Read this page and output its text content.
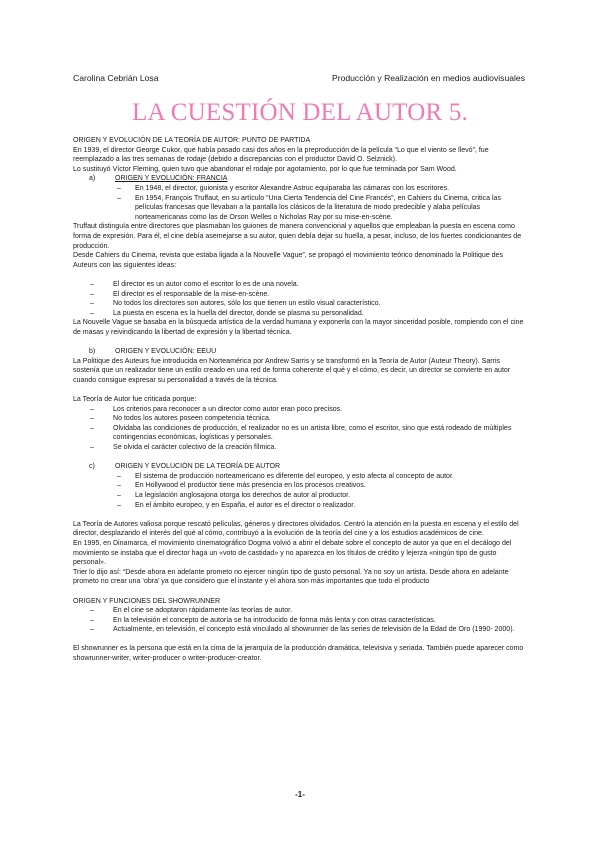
Carolina Cebrián Losa	Producción y Realización en medios audiovisuales
LA CUESTIÓN DEL AUTOR 5.

ORIGEN Y EVOLUCIÓN DE LA TEORÍA DE AUTOR: PUNTO DE PARTIDA

En 1939, el director George Cukor, que había pasado casi dos años en la preproducción de la película “Lo que el viento se llevó”, fue reemplazado a las tres semanas de rodaje (debido a discrepancias con el productor David O. Selznick).

Lo sustituyó Víctor Fleming, quien tuvo que abandonar el rodaje por agotamiento, por lo que fue terminada por Sam Wood.

a)	ORIGEN Y EVOLUCIÓN: FRANCIA

– En 1948, el director, guionista y escritor Alexandre Astruc equiparaba las cámaras con los escritores.
– En 1954, François Truffaut, en su artículo “Una Cierta Tendencia del Cine Francés”, en Cahiers du Cinema, critica las películas francesas que llevaban a la pantalla los clásicos de la literatura de modo predecible y alaba películas norteamericanas como las de Orson Welles o Nicholas Ray por su mise-en-scène.

Truffaut distinguía entre directores que plasmaban los guiones de manera convencional y aquellos que empleaban la puesta en escena como forma de expresión. Para él, el cine debía asemejarse a su autor, quien debía dejar su huella, a pesar, incluso, de los fuertes condicionantes de producción.

Desde Cahiers du Cinema, revista que estaba ligada a la Nouvelle Vague”, se propagó el movimiento teórico denominado la Politique des Auteurs con las siguientes ideas:

– El director es un autor como el escritor lo es de una novela.
– El director es el responsable de la mise-en-scène.
– No todos los directores son autores, sólo los que tienen un estilo visual característico.
– La puesta en escena es la huella del director, donde se plasma su personalidad.

La Nouvelle Vague se basaba en la búsqueda artística de la verdad humana y exponerla con la mayor sinceridad posible, rompiendo con el cine de masas y reivindicando la libertad de expresión y la libertad técnica.

b)	ORIGEN Y EVOLUCIÓN: EEUU

La Politique des Auteurs fue introducida en Norteamérica por Andrew Sarris y se transformó en la Teoría de Autor (Auteur Theory). Sarris sostenía que un realizador tiene un estilo creado en una red de forma coherente el qué y el cómo, es decir, un director se convierte en autor cuando consigue expresar su personalidad a través de la técnica.

La Teoría de Autor fue criticada porque:

– Los criterios para reconocer a un director como autor eran poco precisos.
– No todos los autores poseen competencia técnica.
– Olvidaba las condiciones de producción, el realizador no es un artista libre, como el escritor, sino que está rodeado de múltiples contingencias económicas, logísticas y personales.
– Se olvida el carácter colectivo de la creación fílmica.

c)	ORIGEN Y EVOLUCIÓN DE LA TEORÍA DE AUTOR

– El sistema de producción norteamericano es diferente del europeo, y esto afecta al concepto de autor.
– En Hollywood el productor tiene más presencia en los procesos creativos.
– La legislación anglosajona otorga los derechos de autor al productor.
– En el ámbito europeo, y en España, el autor es el director o realizador.

La Teoría de Autores valiosa porque rescató películas, géneros y directores olvidados. Centró la atención en la puesta en escena y el estilo del director, desplazando el interés del qué al cómo, contribuyó a la evolución de la teoría del cine y a los estudios académicos de cine.

En 1995, en Dinamarca, el movimiento cinematográfico Dogma volvió a abrir el debate sobre el concepto de autor ya que en el decálogo del movimiento se instaba que el director haga un «voto de castidad» y no aparezca en los títulos de crédito y lejerza «ningún tipo de gusto personal».

Trier lo dijo así: “Desde ahora en adelante prometo no ejercer ningún tipo de gusto personal. Ya no soy un artista. Desde ahora en adelante prometo no crear una ‘obra’ ya que considero que el instante y el ahora son más importantes que todo el producto

ORIGEN Y FUNCIONES DEL SHOWRUNNER

– En el cine se adoptaron rápidamente las teorías de autor.
– En la televisión el concepto de autoría se ha introducido de forma más lenta y con otras características.
– Actualmente, en televisión, el concepto está vinculado al showrunner de las series de televisión de la Edad de Oro (1990- 2000).

El showrunner es la persona que está en la cima de la jerarquía de la producción dramática, televisiva y seriada. También puede aparecer como showrunner-writer, writer-producer o writer-producer-creator.

-1-
